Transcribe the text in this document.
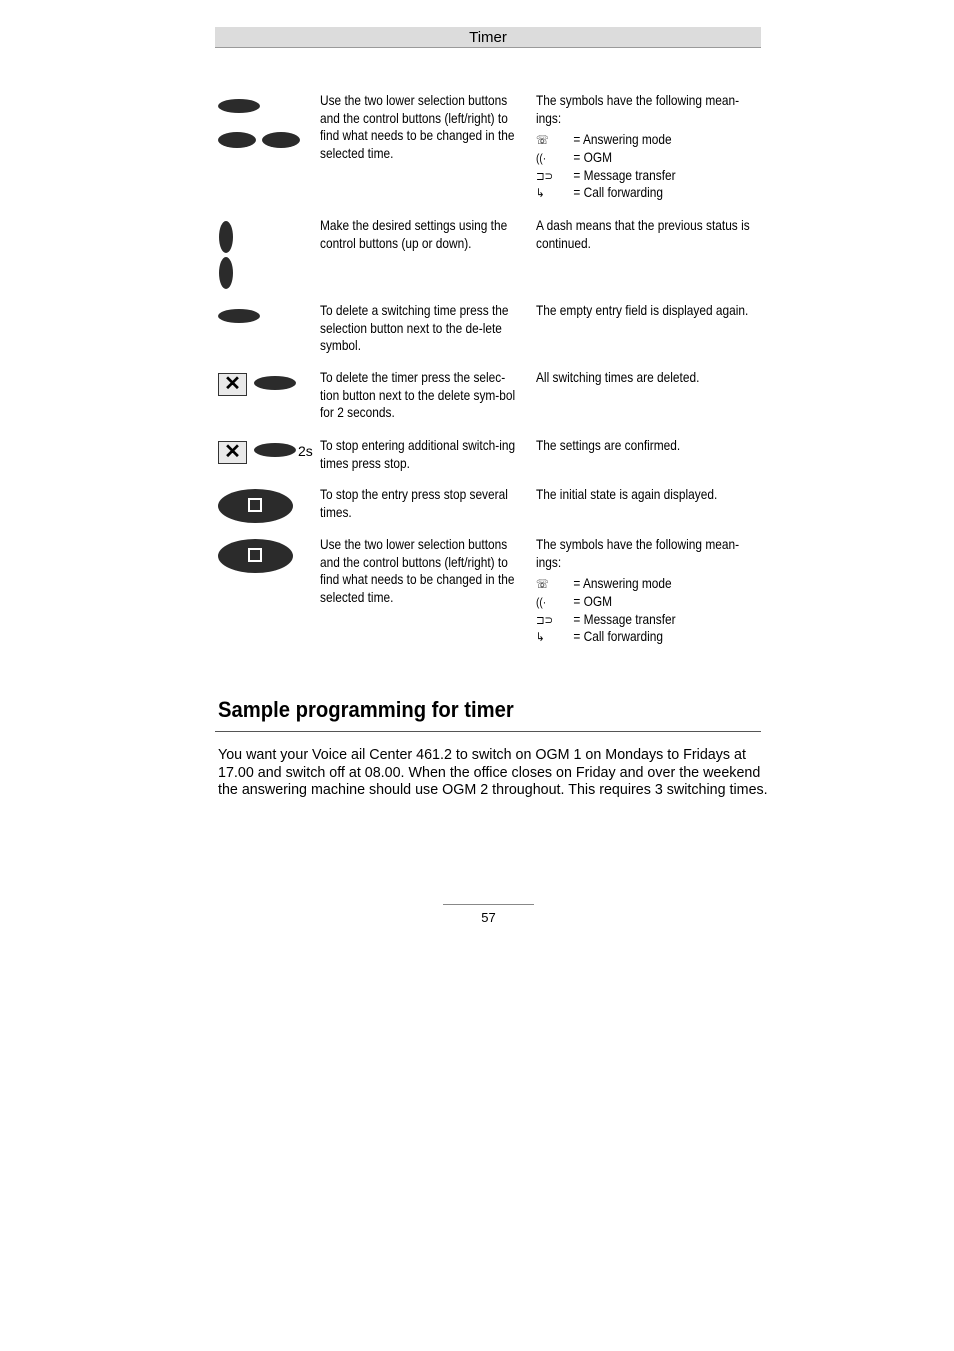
Timer
Use the two lower selection buttons and the control buttons (left/right) to find what needs to be changed in the selected time.
The symbols have the following mean-ings:
☏ = Answering mode
((· = OGM
⊐⊃ = Message transfer
↳ = Call forwarding
Make the desired settings using the control buttons (up or down).
A dash means that the previous status is continued.
To delete a switching time press the selection button next to the de-lete symbol.
The empty entry field is displayed again.
✕	To delete the timer press the selec-tion button next to the delete sym-bol for 2 seconds.
All switching times are deleted.
✕	2s To stop entering additional switch-ing times press stop.
The settings are confirmed.
To stop the entry press stop several times.
The initial state is again displayed.
Use the two lower selection buttons and the control buttons (left/right) to find what needs to be changed in the selected time.
The symbols have the following mean-ings:
☏ = Answering mode
((· = OGM
⊐⊃ = Message transfer
↳ = Call forwarding
Sample programming for timer
You want your Voice ail Center 461.2 to switch on OGM 1 on Mondays to Fridays at 17.00 and switch off at 08.00. When the office closes on Friday and over the weekend the answering machine should use OGM 2 throughout. This requires 3 switching times.
57
